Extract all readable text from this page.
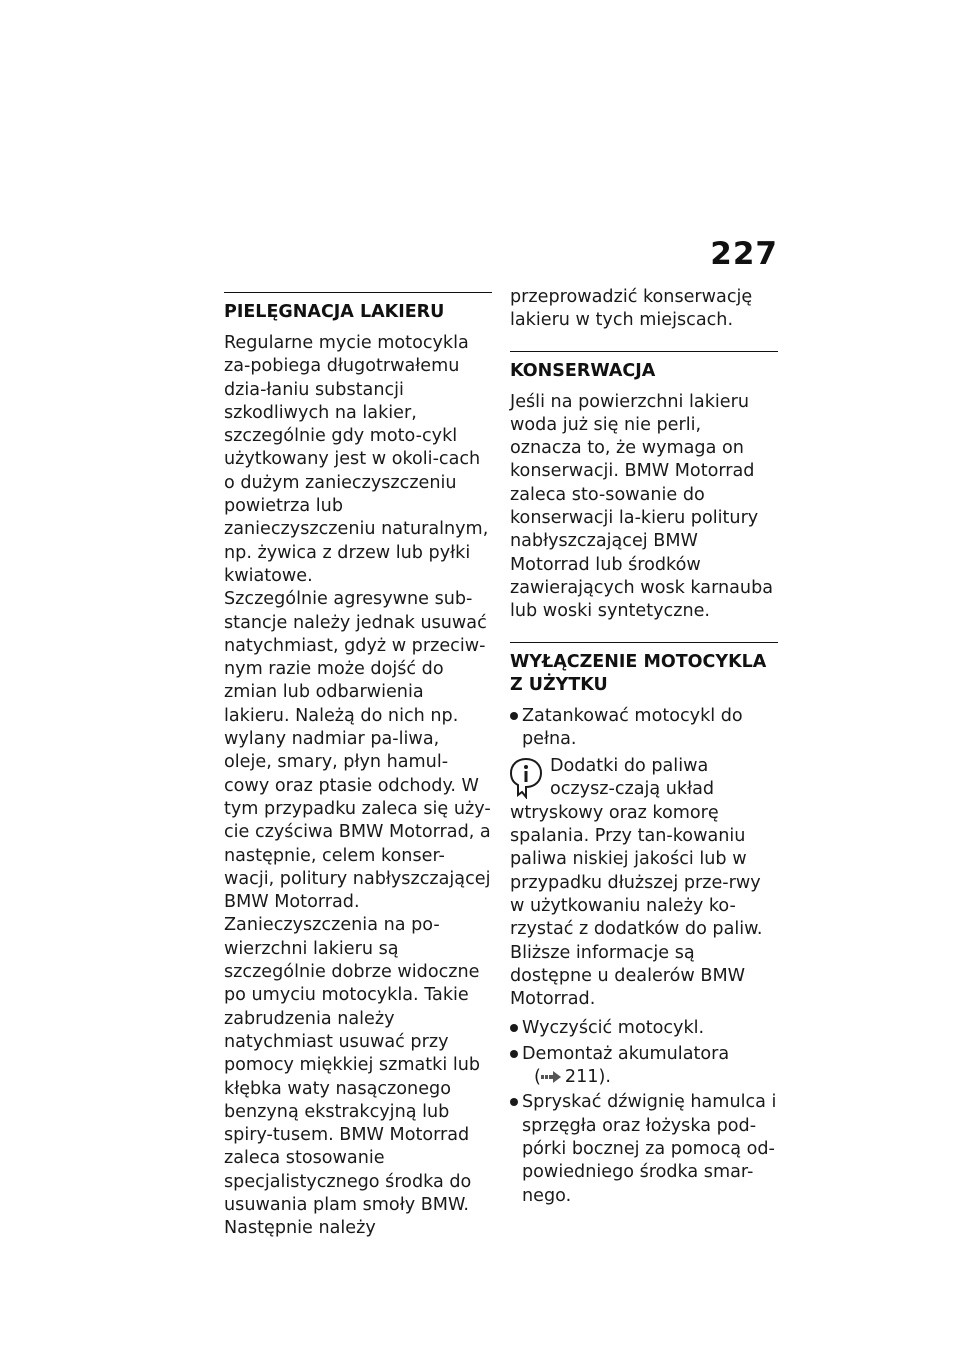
227
PIELĘGNACJA LAKIERU

Regularne mycie motocykla za-pobiega długotrwałemu dzia-łaniu substancji szkodliwych na lakier, szczególnie gdy moto-cykl użytkowany jest w okoli-cach o dużym zanieczyszczeniu powietrza lub zanieczyszczeniu naturalnym, np. żywica z drzew lub pyłki kwiatowe.

Szczególnie agresywne sub-stancje należy jednak usuwać natychmiast, gdyż w przeciw-nym razie może dojść do zmian lub odbarwienia lakieru. Należą do nich np. wylany nadmiar pa-liwa, oleje, smary, płyn hamul-cowy oraz ptasie odchody. W tym przypadku zaleca się uży-cie czyściwa BMW Motorrad, a następnie, celem konser-wacji, politury nabłyszczającej BMW Motorrad.

Zanieczyszczenia na po-wierzchni lakieru są szczególnie dobrze widoczne po umyciu motocykla. Takie zabrudzenia należy natychmiast usuwać przy pomocy miękkiej szmatki lub kłębka waty nasączonego benzyną ekstrakcyjną lub spiry-tusem. BMW Motorrad zaleca stosowanie specjalistycznego środka do usuwania plam smoły BMW. Następnie należy

przeprowadzić konserwację lakieru w tych miejscach.

KONSERWACJA

Jeśli na powierzchni lakieru woda już się nie perli, oznacza to, że wymaga on konserwacji. BMW Motorrad zaleca sto-sowanie do konserwacji la-kieru politury nabłyszczającej BMW Motorrad lub środków zawierających wosk karnauba lub woski syntetyczne.

WYŁĄCZENIE MOTOCYKLA Z UŻYTKU
Zatankować motocykl do pełna.
Dodatki do paliwa oczysz-czają układ wtryskowy oraz komorę spalania. Przy tan-kowaniu paliwa niskiej jakości lub w przypadku dłuższej prze-rwy w użytkowaniu należy ko-rzystać z dodatków do paliw. Bliższe informacje są dostępne u dealerów BMW Motorrad.
Wyczyścić motocykl.
Demontaż akumulatora
( 211).
Spryskać dźwignię hamulca i sprzęgła oraz łożyska pod-pórki bocznej za pomocą od-powiedniego środka smar-nego.
